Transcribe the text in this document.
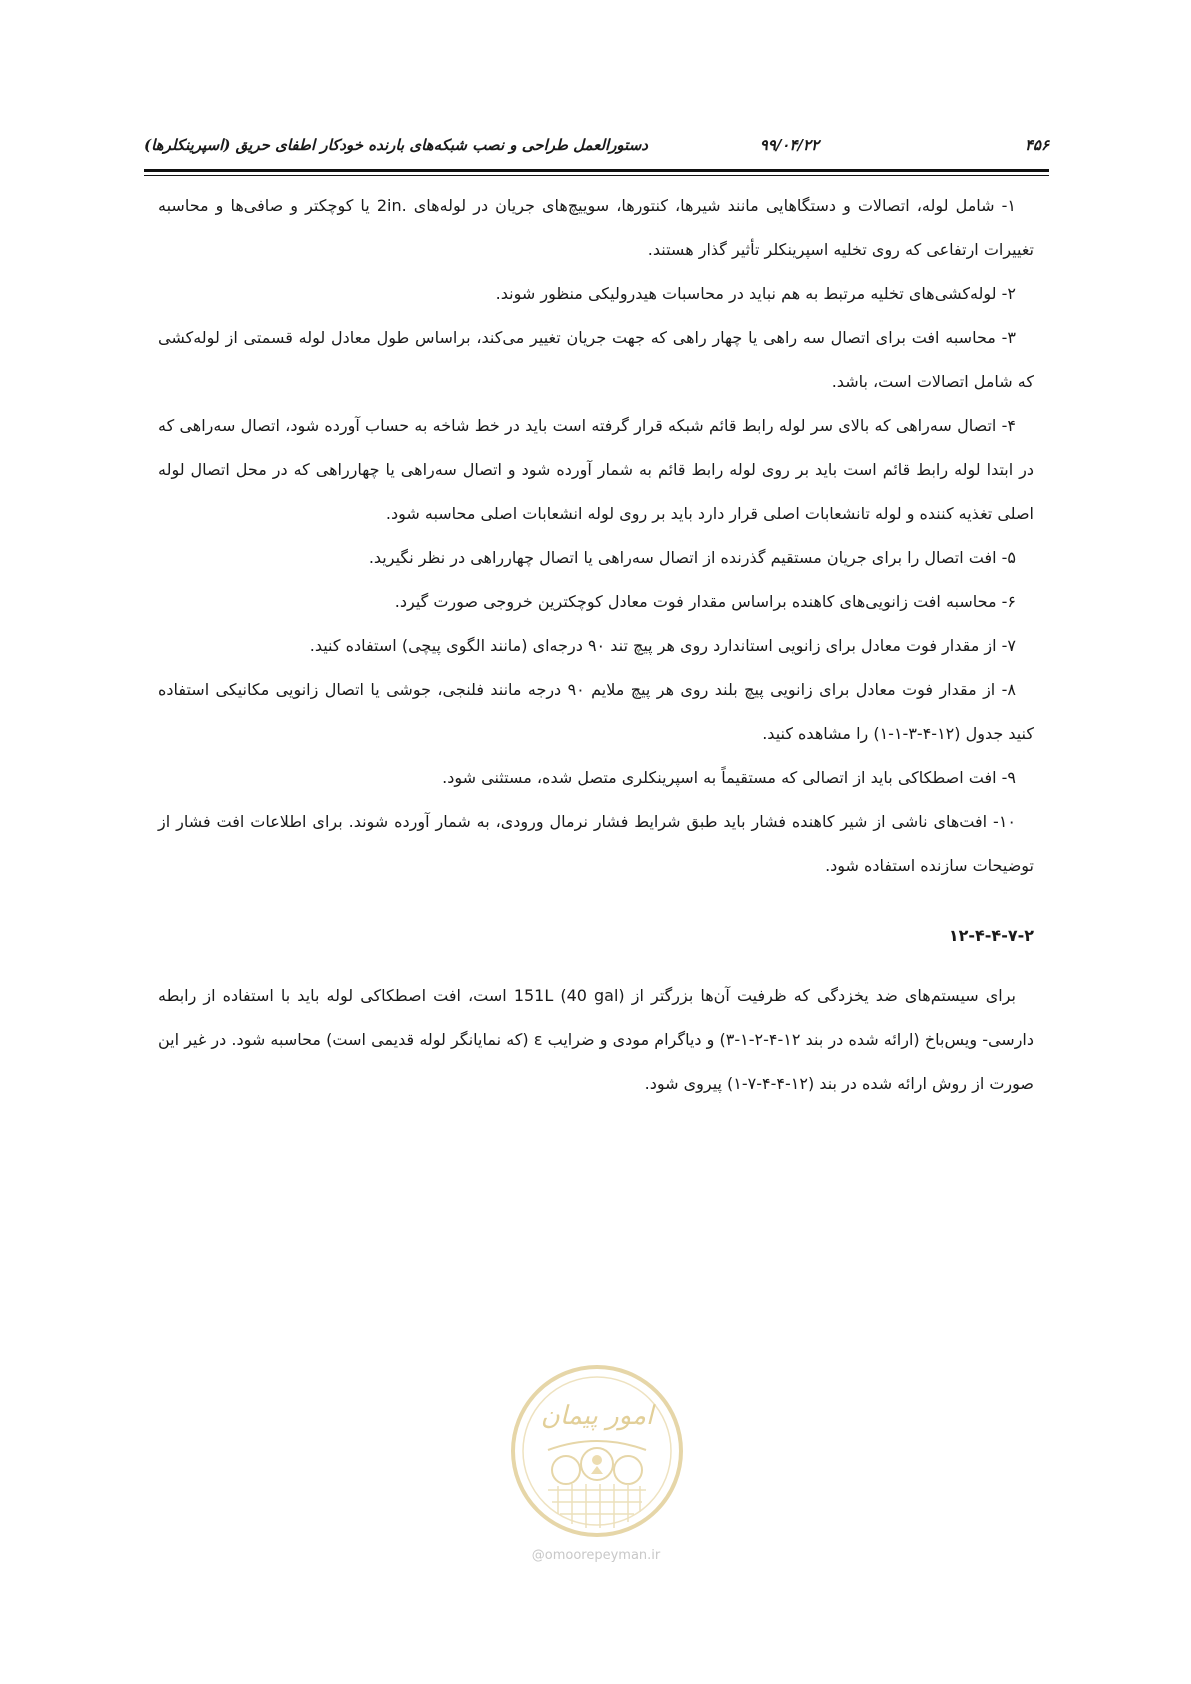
۴۵۶
۹۹/۰۴/۲۲
دستورالعمل طراحی و نصب شبکه‌های بارنده خودکار اطفای حریق (اسپرینکلرها)

۱- شامل لوله، اتصالات و دستگاهایی مانند شیرها، کنتورها، سوییچ‌های جریان در لوله‌های .2in یا کوچکتر و صافی‌ها و محاسبه تغییرات ارتفاعی که روی تخلیه اسپرینکلر تأثیر گذار هستند.

۲- لوله‌کشی‌های تخلیه مرتبط به هم نباید در محاسبات هیدرولیکی منظور شوند.

۳- محاسبه افت برای اتصال سه راهی یا چهار راهی که جهت جریان تغییر می‌کند، براساس طول معادل لوله قسمتی از لوله‌کشی که شامل اتصالات است، باشد.

۴- اتصال سه‌راهی که بالای سر لوله رابط قائم شبکه قرار گرفته است باید در خط شاخه به حساب آورده شود، اتصال سه‌راهی که در ابتدا لوله رابط قائم است باید بر روی لوله رابط قائم به شمار آورده شود و اتصال سه‌راهی یا چهارراهی که در محل اتصال لوله اصلی تغذیه کننده و لوله تانشعابات اصلی قرار دارد باید بر روی لوله انشعابات اصلی محاسبه شود.

۵- افت اتصال را برای جریان مستقیم گذرنده از اتصال سه‌راهی یا اتصال چهارراهی در نظر نگیرید.

۶- محاسبه افت زانویی‌های کاهنده براساس مقدار فوت معادل کوچکترین خروجی صورت گیرد.

۷- از مقدار فوت معادل برای زانویی استاندارد روی هر پیچ تند ۹۰ درجه‌ای (مانند الگوی پیچی) استفاده کنید.

۸- از مقدار فوت معادل برای زانویی پیچ بلند روی هر پیچ ملایم ۹۰ درجه مانند فلنجی، جوشی یا اتصال زانویی مکانیکی استفاده کنید جدول (۱۲-۴-۳-۱-۱) را مشاهده کنید.

۹- افت اصطکاکی باید از اتصالی که مستقیماً به اسپرینکلری متصل شده، مستثنی شود.

۱۰- افت‌های ناشی از شیر کاهنده فشار باید طبق شرایط فشار نرمال ورودی، به شمار آورده شوند. برای اطلاعات افت فشار از توضیحات سازنده استفاده شود.

۱۲-۴-۴-۷-۲

برای سیستم‌های ضد یخزدگی که ظرفیت آن‌ها بزرگتر از 151L (40 gal) است، افت اصطکاکی لوله باید با استفاده از رابطه دارسی- ویس‌باخ (ارائه شده در بند ۱۲-۴-۲-۱-۳) و دیاگرام مودی و ضرایب ε (که نمایانگر لوله قدیمی است) محاسبه شود. در غیر این صورت از روش ارائه شده در بند (۱۲-۴-۴-۷-۱) پیروی شود.

امور پیمان
@omoorepeyman.ir
